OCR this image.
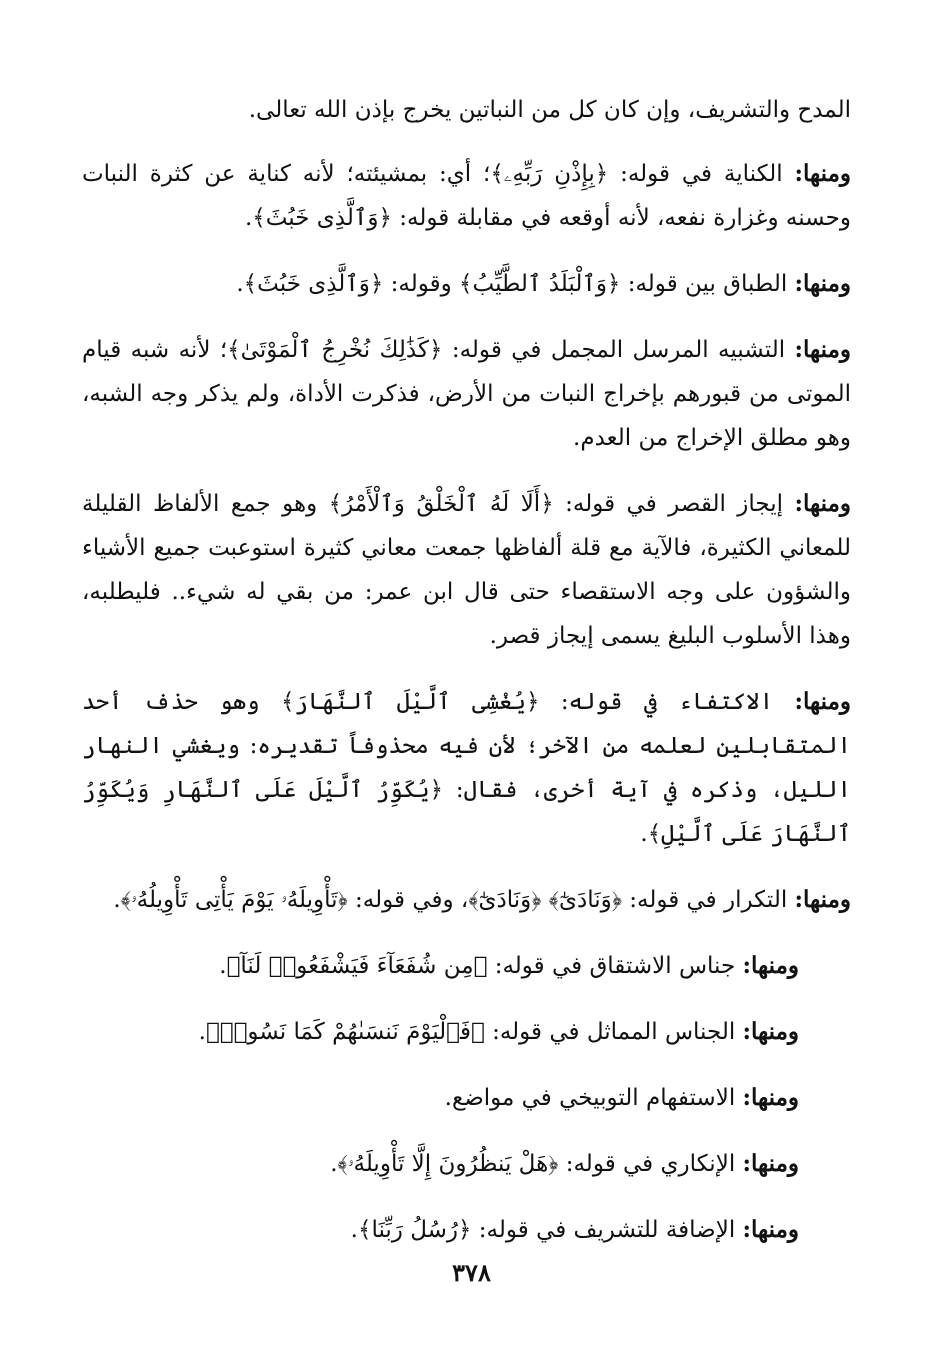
المدح والتشريف، وإن كان كل من النباتين يخرج بإذن الله تعالى.

ومنها: الكناية في قوله: ﴿بِإِذْنِ رَبِّهِۦ﴾؛ أي: بمشيئته؛ لأنه كناية عن كثرة النبات وحسنه وغزارة نفعه، لأنه أوقعه في مقابلة قوله: ﴿وَٱلَّذِى خَبُثَ﴾.

ومنها: الطباق بين قوله: ﴿وَٱلْبَلَدُ ٱلطَّيِّبُ﴾ وقوله: ﴿وَٱلَّذِى خَبُثَ﴾.

ومنها: التشبيه المرسل المجمل في قوله: ﴿كَذَٰلِكَ نُخْرِجُ ٱلْمَوْتَىٰ﴾؛ لأنه شبه قيام الموتى من قبورهم بإخراج النبات من الأرض، فذكرت الأداة، ولم يذكر وجه الشبه، وهو مطلق الإخراج من العدم.

ومنها: إيجاز القصر في قوله: ﴿أَلَا لَهُ ٱلْخَلْقُ وَٱلْأَمْرُ﴾ وهو جمع الألفاظ القليلة للمعاني الكثيرة، فالآية مع قلة ألفاظها جمعت معاني كثيرة استوعبت جميع الأشياء والشؤون على وجه الاستقصاء حتى قال ابن عمر: من بقي له شيء.. فليطلبه، وهذا الأسلوب البليغ يسمى إيجاز قصر.

ومنها: الاكتفاء في قوله: ﴿يُغْشِى ٱلَّيْلَ ٱلنَّهَارَ﴾ وهو حذف أحد المتقابلين لعلمه من الآخر؛ لأن فيه محذوفاً تقديره: ويغشي النهار الليل، وذكره في آية أخرى، فقال: ﴿يُكَوِّرُ ٱلَّيْلَ عَلَى ٱلنَّهَارِ وَيُكَوِّرُ ٱلنَّهَارَ عَلَى ٱلَّيْلِ﴾.

ومنها: التكرار في قوله: ﴿وَنَادَىٰٓ﴾ ﴿وَنَادَىٰٓ﴾، وفي قوله: ﴿تَأْوِيلَهُۥ يَوْمَ يَأْتِى تَأْوِيلُهُۥ﴾.

ومنها: جناس الاشتقاق في قوله: ﴿مِن شُفَعَآءَ فَيَشْفَعُوا۟ لَنَآ﴾.

ومنها: الجناس المماثل في قوله: ﴿فَٱلْيَوْمَ نَنسَىٰهُمْ كَمَا نَسُوا۟﴾.

ومنها: الاستفهام التوبيخي في مواضع.

ومنها: الإنكاري في قوله: ﴿هَلْ يَنظُرُونَ إِلَّا تَأْوِيلَهُۥ﴾.

ومنها: الإضافة للتشريف في قوله: ﴿رُسُلُ رَبِّنَا﴾.

٣٧٨
